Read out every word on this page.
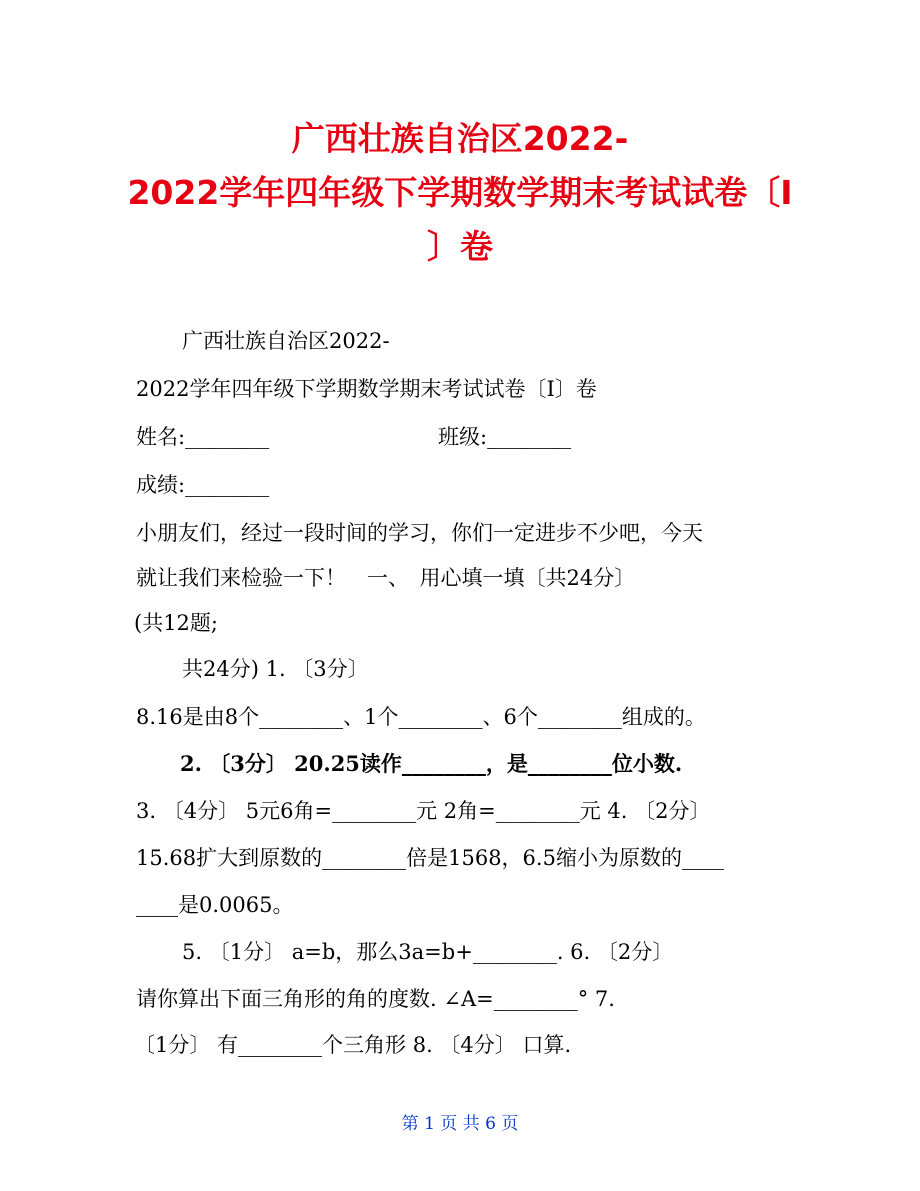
广西壮族自治区2022-
2022学年四年级下学期数学期末考试试卷〔I
〕卷
广西壮族自治区2022-
2022学年四年级下学期数学期末考试试卷〔I〕卷
姓名:________	班级:________
成绩:________
小朋友们，经过一段时间的学习，你们一定进步不少吧，今天
就让我们来检验一下！　一、　用心填一填〔共24分〕
(共12题;
共24分) 1. 〔3分〕
8.16是由8个________、1个________、6个________组成的。
2. 〔3分〕 20.25读作________，是________位小数.
3. 〔4分〕 5元6角=________元 2角=________元 4. 〔2分〕
15.68扩大到原数的________倍是1568，6.5缩小为原数的____
____是0.0065。
5. 〔1分〕 a=b，那么3a=b+________. 6. 〔2分〕
请你算出下面三角形的角的度数. ∠A=________° 7.
〔1分〕 有________个三角形 8. 〔4分〕 口算.
第 1 页 共 6 页
